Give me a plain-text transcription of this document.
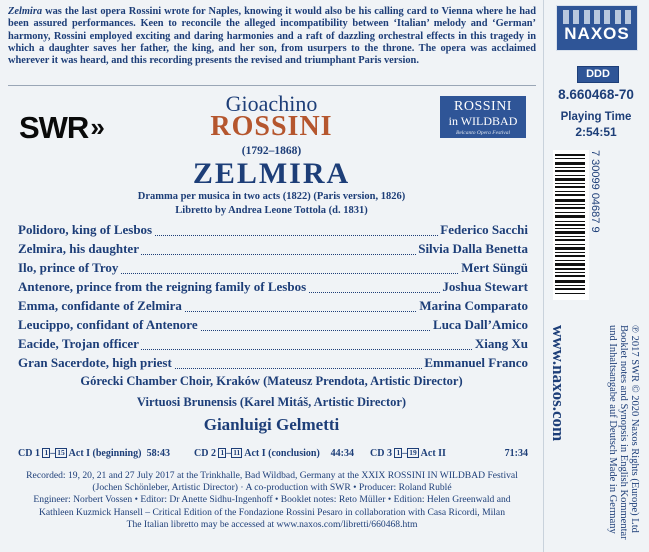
Zelmira was the last opera Rossini wrote for Naples, knowing it would also be his calling card to Vienna where he had been assured performances. Keen to reconcile the alleged incompatibility between ‘Italian’ melody and ‘German’ harmony, Rossini employed exciting and daring harmonies and a raft of dazzling orchestral effects in this tragedy in which a daughter saves her father, the king, and her son, from usurpers to the throne. The opera was acclaimed wherever it was heard, and this recording presents the revised and triumphant Paris version.
SWR»
Gioachino
ROSSINI
(1792–1868)
ZELMIRA
Dramma per musica in two acts (1822) (Paris version, 1826)
Libretto by Andrea Leone Tottola (d. 1831)
ROSSINI
in WILDBAD
Belcanto Opera Festival
Polidoro, king of Lesbos	Federico Sacchi
Zelmira, his daughter	Silvia Dalla Benetta
Ilo, prince of Troy	Mert Süngü
Antenore, prince from the reigning family of Lesbos	Joshua Stewart
Emma, confidante of Zelmira	Marina Comparato
Leucippo, confidant of Antenore	Luca Dall’Amico
Eacide, Trojan officer	Xiang Xu
Gran Sacerdote, high priest	Emmanuel Franco
Górecki Chamber Choir, Kraków (Mateusz Prendota, Artistic Director)
Virtuosi Brunensis (Karel Mitáš, Artistic Director)
Gianluigi Gelmetti
CD 1 1 – 15 Act I (beginning) 58:43 CD 2 1 – 11 Act I (conclusion) 44:34 CD 3 1 – 19 Act II	71:34
Recorded: 19, 20, 21 and 27 July 2017 at the Trinkhalle, Bad Wildbad, Germany at the XXIX ROSSINI IN WILDBAD Festival
(Jochen Schönleber, Artistic Director) · A co-production with SWR • Producer: Roland Rublé
Engineer: Norbert Vossen • Editor: Dr Anette Sidhu-Ingenhoff • Booklet notes: Reto Müller • Edition: Helen Greenwald and
Kathleen Kuzmick Hansell – Critical Edition of the Fondazione Rossini Pesaro in collaboration with Casa Ricordi, Milan
The Italian libretto may be accessed at www.naxos.com/libretti/660468.htm
NAXOS
DDD
8.660468-70
Playing Time
2:54:51
7 30099 04687 9
www.naxos.com	℗ 2017 SWR © 2020 Naxos Rights (Europe) Ltd Booklet notes and Synopsis in English Kommentar und Inhaltsangabe auf Deutsch Made in Germany
